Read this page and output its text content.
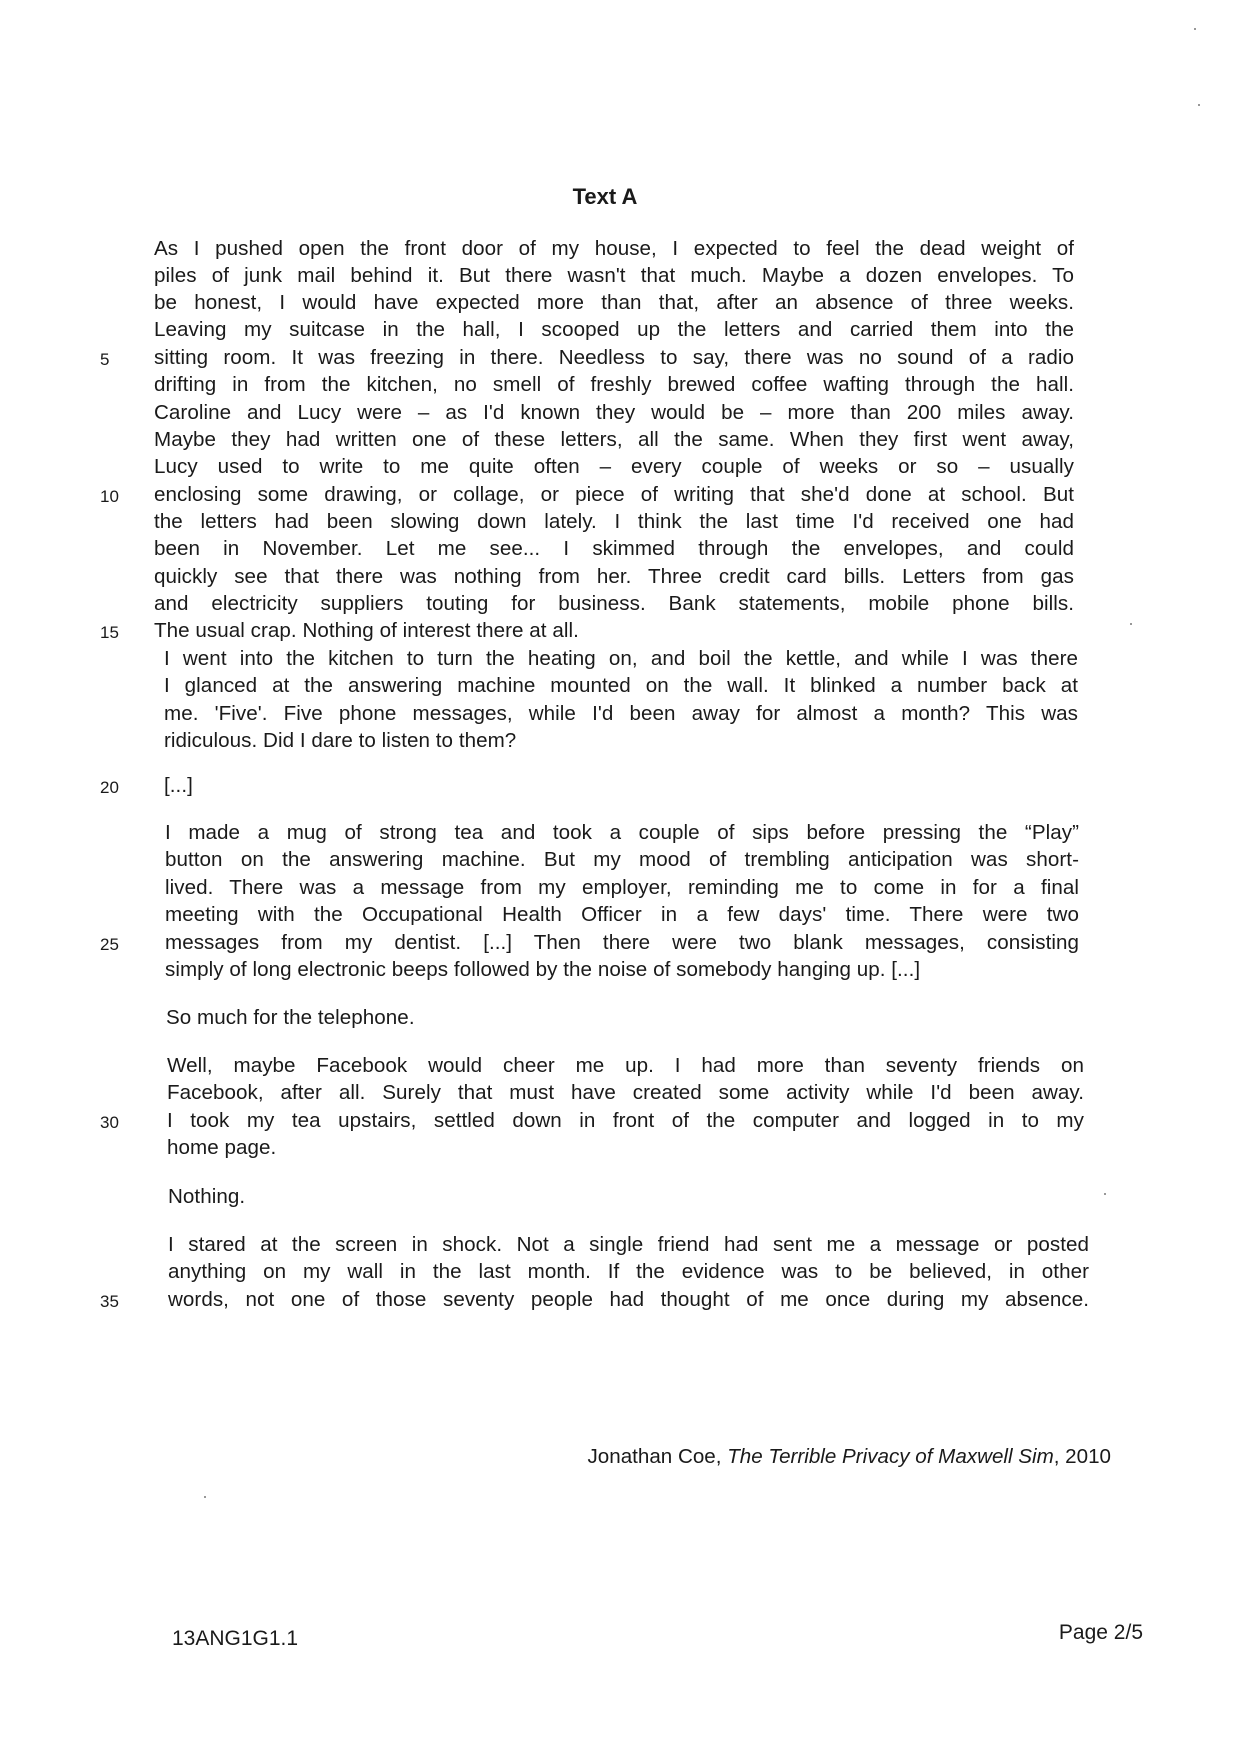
Text A
As I pushed open the front door of my house, I expected to feel the dead weight of
piles of junk mail behind it. But there wasn't that much. Maybe a dozen envelopes. To
be honest, I would have expected more than that, after an absence of three weeks.
Leaving my suitcase in the hall, I scooped up the letters and carried them into the
sitting room. It was freezing in there. Needless to say, there was no sound of a radio
drifting in from the kitchen, no smell of freshly brewed coffee wafting through the hall.
Caroline and Lucy were – as I'd known they would be – more than 200 miles away.
Maybe they had written one of these letters, all the same. When they first went away,
Lucy used to write to me quite often – every couple of weeks or so – usually
enclosing some drawing, or collage, or piece of writing that she'd done at school. But
the letters had been slowing down lately. I think the last time I'd received one had
been in November. Let me see... I skimmed through the envelopes, and could
quickly see that there was nothing from her. Three credit card bills. Letters from gas
and electricity suppliers touting for business. Bank statements, mobile phone bills.
The usual crap. Nothing of interest there at all.
I went into the kitchen to turn the heating on, and boil the kettle, and while I was there
I glanced at the answering machine mounted on the wall. It blinked a number back at
me. 'Five'. Five phone messages, while I'd been away for almost a month? This was
ridiculous. Did I dare to listen to them?
[...]
I made a mug of strong tea and took a couple of sips before pressing the “Play”
button on the answering machine. But my mood of trembling anticipation was short-
lived. There was a message from my employer, reminding me to come in for a final
meeting with the Occupational Health Officer in a few days' time. There were two
messages from my dentist. [...] Then there were two blank messages, consisting
simply of long electronic beeps followed by the noise of somebody hanging up. [...]
So much for the telephone.
Well, maybe Facebook would cheer me up. I had more than seventy friends on
Facebook, after all. Surely that must have created some activity while I'd been away.
I took my tea upstairs, settled down in front of the computer and logged in to my
home page.
Nothing.
I stared at the screen in shock. Not a single friend had sent me a message or posted
anything on my wall in the last month. If the evidence was to be believed, in other
words, not one of those seventy people had thought of me once during my absence.
5
10
15
20
25
30
35
Jonathan Coe, The Terrible Privacy of Maxwell Sim, 2010
13ANG1G1.1	Page 2/5
